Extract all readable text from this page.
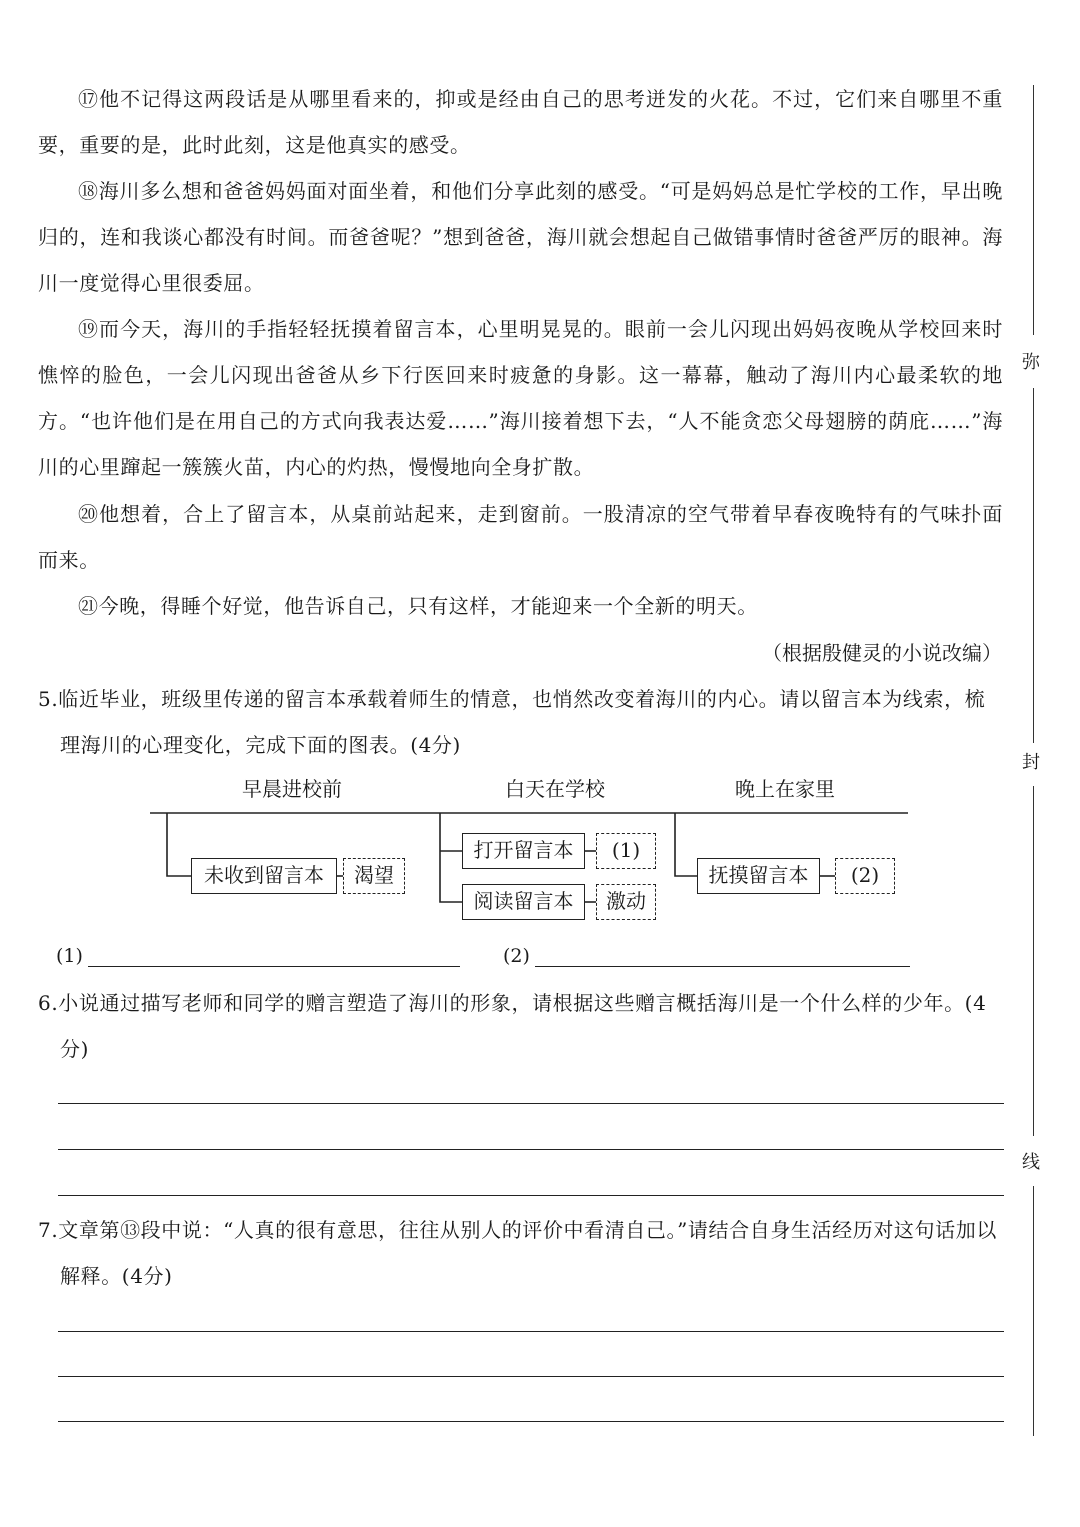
⑰他不记得这两段话是从哪里看来的，抑或是经由自己的思考迸发的火花。不过，它们来自哪里不重要，重要的是，此时此刻，这是他真实的感受。

⑱海川多么想和爸爸妈妈面对面坐着，和他们分享此刻的感受。“可是妈妈总是忙学校的工作，早出晚归的，连和我谈心都没有时间。而爸爸呢？”想到爸爸，海川就会想起自己做错事情时爸爸严厉的眼神。海川一度觉得心里很委屈。

⑲而今天，海川的手指轻轻抚摸着留言本，心里明晃晃的。眼前一会儿闪现出妈妈夜晚从学校回来时憔悴的脸色，一会儿闪现出爸爸从乡下行医回来时疲惫的身影。这一幕幕，触动了海川内心最柔软的地方。“也许他们是在用自己的方式向我表达爱……”海川接着想下去，“人不能贪恋父母翅膀的荫庇……”海川的心里蹿起一簇簇火苗，内心的灼热，慢慢地向全身扩散。

⑳他想着，合上了留言本，从桌前站起来，走到窗前。一股清凉的空气带着早春夜晚特有的气味扑面而来。

㉑今晚，得睡个好觉，他告诉自己，只有这样，才能迎来一个全新的明天。

（根据殷健灵的小说改编）

5.临近毕业，班级里传递的留言本承载着师生的情意，也悄然改变着海川的内心。请以留言本为线索，梳理海川的心理变化，完成下面的图表。(4分)

早晨进校前	白天在学校	晚上在家里
未收到留言本	渴望
打开留言本	(1)
阅读留言本	激动
抚摸留言本	(2)
(1)	(2)

6.小说通过描写老师和同学的赠言塑造了海川的形象，请根据这些赠言概括海川是一个什么样的少年。(4分)

7.文章第⑬段中说：“人真的很有意思，往往从别人的评价中看清自己。”请结合自身生活经历对这句话加以解释。(4分)

弥
封
线
